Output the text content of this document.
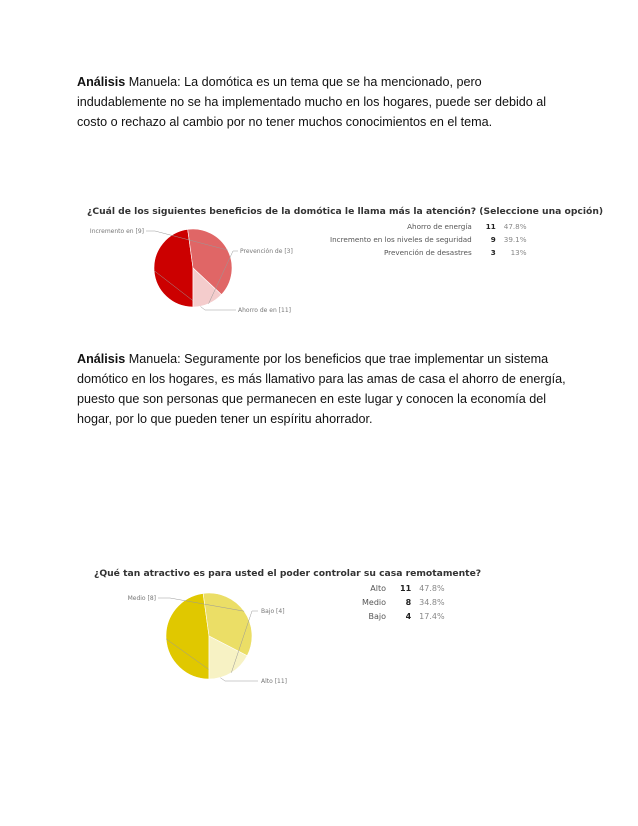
Análisis Manuela: La domótica es un tema que se ha mencionado, pero indudablemente no se ha implementado mucho en los hogares, puede ser debido al costo o rechazo al cambio por no tener muchos conocimientos en el tema.

¿Cuál de los siguientes beneficios de la domótica le llama más la atención? (Seleccione una opción)
Ahorro de energía	11	47.8%
Incremento en los niveles de seguridad	9	39.1%
Prevención de desastres	3	13%
Ahorro de en [11]
Incremento en [9]
Prevención de [3]

Análisis Manuela: Seguramente por los beneficios que trae implementar un sistema domótico en los hogares, es más llamativo para las amas de casa el ahorro de energía, puesto que son personas que permanecen en este lugar y conocen la economía del hogar, por lo que pueden tener un espíritu ahorrador.

¿Qué tan atractivo es para usted el poder controlar su casa remotamente?
Alto	11	47.8%
Medio	8	34.8%
Bajo	4	17.4%
Alto [11]
Medio [8]
Bajo [4]
